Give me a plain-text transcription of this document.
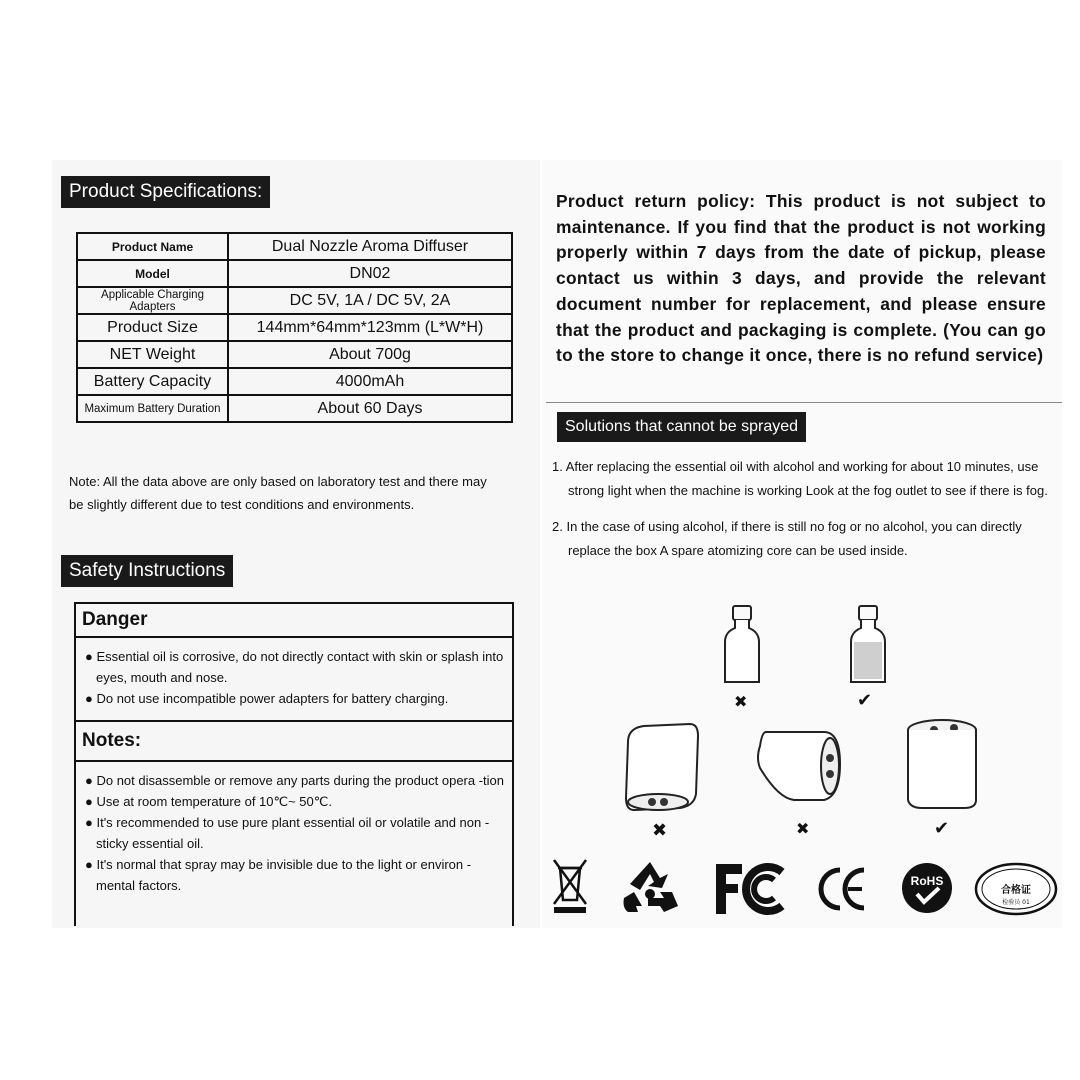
Product Specifications:
Product Name	Dual Nozzle Aroma Diffuser
Model	DN02
Applicable Charging Adapters	DC 5V, 1A / DC 5V, 2A
Product Size	144mm*64mm*123mm (L*W*H)
NET Weight	About 700g
Battery Capacity	4000mAh
Maximum Battery Duration	About 60 Days
Note: All the data above are only based on laboratory test and there may
be slightly different due to test conditions and environments.
Safety Instructions
Danger
● Essential oil is corrosive, do not directly contact with skin or splash into eyes, mouth and nose.
● Do not use incompatible power adapters for battery charging.
Notes:
● Do not disassemble or remove any parts during the product opera -tion
● Use at room temperature of 10℃~ 50℃.
● It's recommended to use pure plant essential oil or volatile and non -sticky essential oil.
● It's normal that spray may be invisible due to the light or environ -mental factors.
Product return policy: This product is not subject to maintenance. If you find that the product is not working properly within 7 days from the date of pickup, please contact us within 3 days, and provide the relevant document number for replacement, and please ensure that the product and packaging is complete. (You can go to the store to change it once, there is no refund service)
Solutions that cannot be sprayed
1. After replacing the essential oil with alcohol and working for about 10 minutes, use strong light when the machine is working Look at the fog outlet to see if there is fog.
2. In the case of using alcohol, if there is still no fog or no alcohol, you can directly replace the box A spare atomizing core can be used inside.
✖	✔
✖	✖	✔
RoHS
合格证
检验员 01
